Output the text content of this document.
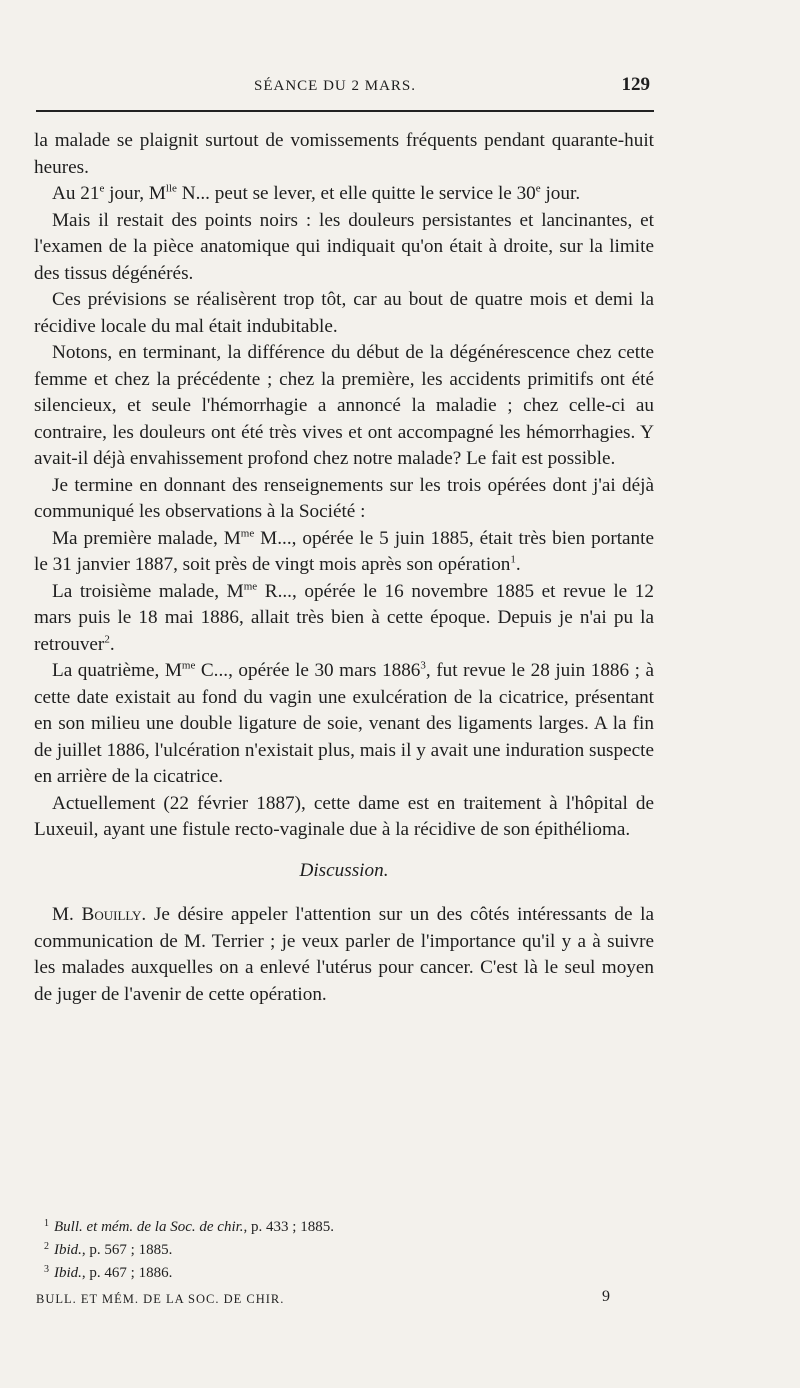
SÉANCE DU 2 MARS.	129

la malade se plaignit surtout de vomissements fréquents pendant quarante-huit heures.

Au 21e jour, $M^{lle}$ N... peut se lever, et elle quitte le service le 30e jour.

Mais il restait des points noirs : les douleurs persistantes et lancinantes, et l'examen de la pièce anatomique qui indiquait qu'on était à droite, sur la limite des tissus dégénérés.

Ces prévisions se réalisèrent trop tôt, car au bout de quatre mois et demi la récidive locale du mal était indubitable.

Notons, en terminant, la différence du début de la dégénérescence chez cette femme et chez la précédente ; chez la première, les accidents primitifs ont été silencieux, et seule l'hémorrhagie a annoncé la maladie ; chez celle-ci au contraire, les douleurs ont été très vives et ont accompagné les hémorrhagies. Y avait-il déjà envahissement profond chez notre malade? Le fait est possible.

Je termine en donnant des renseignements sur les trois opérées dont j'ai déjà communiqué les observations à la Société :

Ma première malade, $M^{me}$ M..., opérée le 5 juin 1885, était très bien portante le 31 janvier 1887, soit près de vingt mois après son opération$^1$.

La troisième malade, $M^{me}$ R..., opérée le 16 novembre 1885 et revue le 12 mars puis le 18 mai 1886, allait très bien à cette époque. Depuis je n'ai pu la retrouver$^2$.

La quatrième, $M^{me}$ C..., opérée le 30 mars 1886$^3$, fut revue le 28 juin 1886 ; à cette date existait au fond du vagin une exulcération de la cicatrice, présentant en son milieu une double ligature de soie, venant des ligaments larges. A la fin de juillet 1886, l'ulcération n'existait plus, mais il y avait une induration suspecte en arrière de la cicatrice.

Actuellement (22 février 1887), cette dame est en traitement à l'hôpital de Luxeuil, ayant une fistule recto-vaginale due à la récidive de son épithélioma.

Discussion.

M. Bouilly. Je désire appeler l'attention sur un des côtés intéressants de la communication de M. Terrier ; je veux parler de l'importance qu'il y a à suivre les malades auxquelles on a enlevé l'utérus pour cancer. C'est là le seul moyen de juger de l'avenir de cette opération.

$^1$ Bull. et mém. de la Soc. de chir., p. 433 ; 1885.
$^2$ Ibid., p. 567 ; 1885.
$^3$ Ibid., p. 467 ; 1886.
BULL. ET MÉM. DE LA SOC. DE CHIR.	9
